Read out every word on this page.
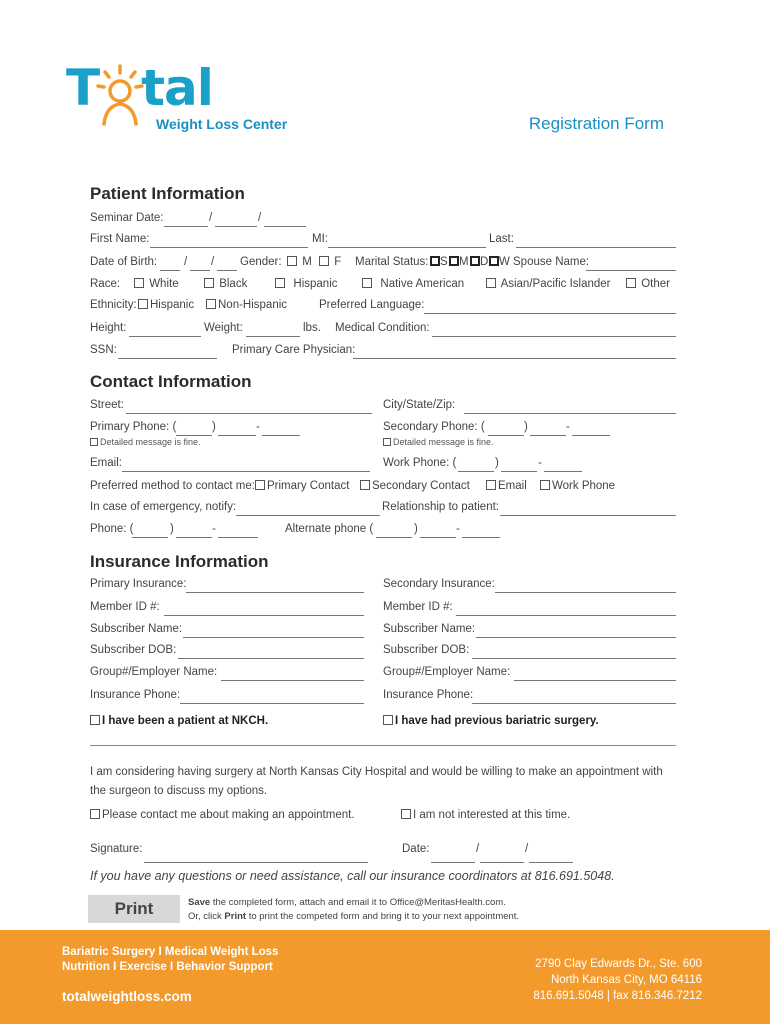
T tal
Weight Loss Center	Registration Form
Patient Information
Seminar Date:	/	/
First Name:	MI:	Last:
Date of Birth: / / Gender:	M	F Marital Status:	S M D W Spouse Name:
Race:	White	Black	Hispanic	Native American	Asian/Pacific Islander	Other
Ethnicity:	Hispanic	Non-Hispanic	Preferred Language:
Height:	Weight:	lbs. Medical Condition:
SSN:	Primary Care Physician:
Contact Information
Street:	City/State/Zip:
Primary Phone: (	)	-	Secondary Phone: (	)	-
Detailed message is fine.	Detailed message is fine.
Email:	Work Phone: (	)	-
Preferred method to contact me:	Primary Contact	Secondary Contact	Email	Work Phone
In case of emergency, notify:	Relationship to patient:
Phone: (	)	-	Alternate phone (	)	-
Insurance Information
Primary Insurance:	Secondary Insurance:
Member ID #:	Member ID #:
Subscriber Name:	Subscriber Name:
Subscriber DOB:	Subscriber DOB:
Group#/Employer Name:	Group#/Employer Name:
Insurance Phone:	Insurance Phone:
I have been a patient at NKCH.	I have had previous bariatric surgery.
I am considering having surgery at North Kansas City Hospital and would be willing to make an appointment with the surgeon to discuss my options.
Please contact me about making an appointment.	I am not interested at this time.
Signature:	Date:	/	/
If you have any questions or need assistance, call our insurance coordinators at 816.691.5048.
Print	Save the completed form, attach and email it to Office@MeritasHealth.com.
Or, click Print to print the competed form and bring it to your next appointment.
Bariatric Surgery I Medical Weight Loss
Nutrition I Exercise I Behavior Support
totalweightloss.com
2790 Clay Edwards Dr., Ste. 600
North Kansas City, MO 64116
816.691.5048 | fax 816.346.7212
